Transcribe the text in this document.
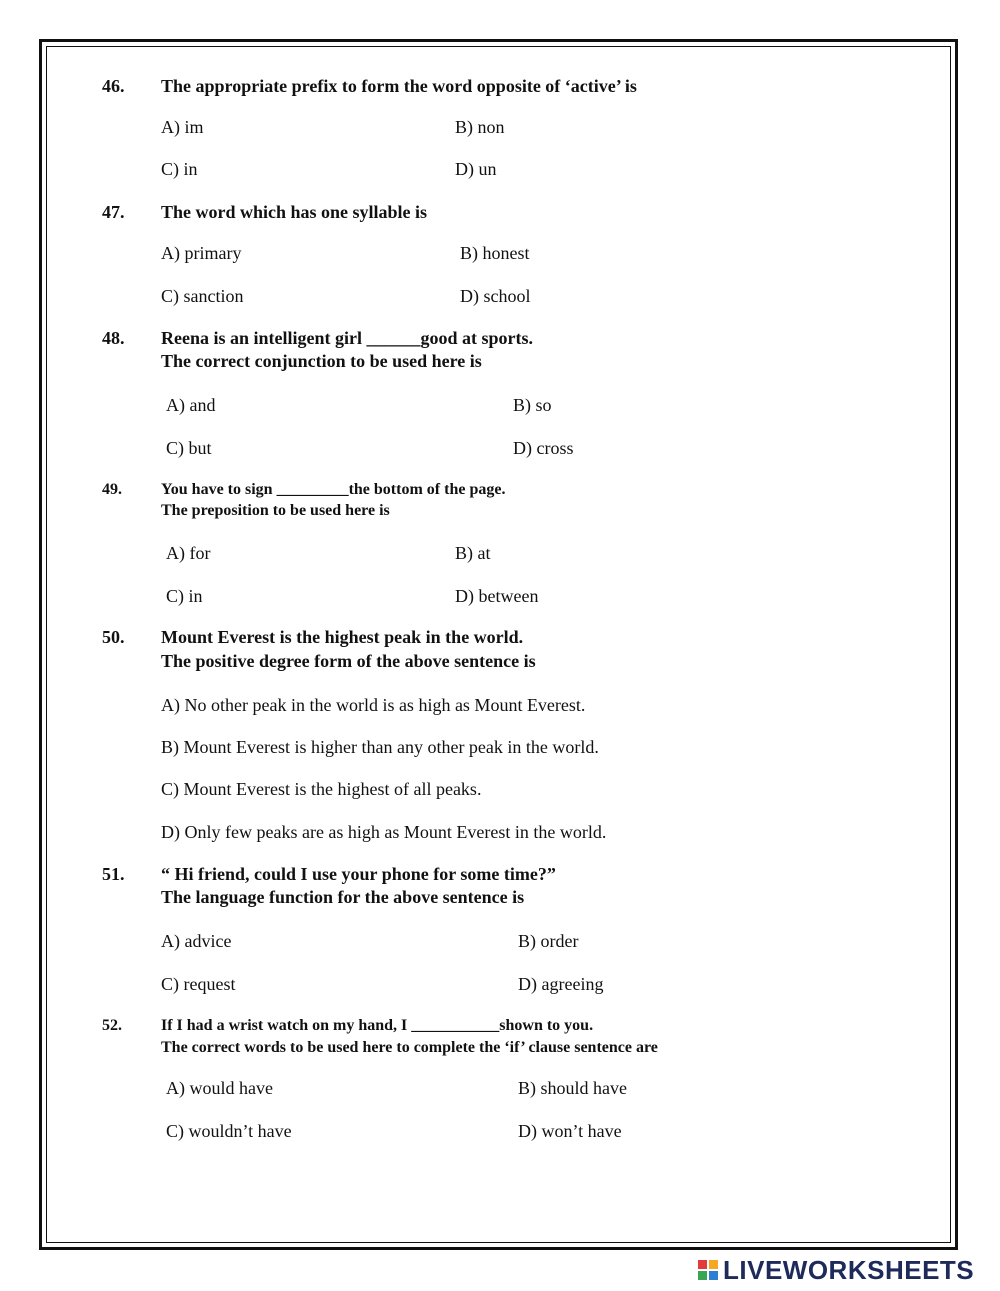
46. The appropriate prefix to form the word opposite of ‘active’ is
A) im	B) non
C) in	D) un
47. The word which has one syllable is
A) primary	B) honest
C) sanction	D) school
48. Reena is an intelligent girl ______good at sports.
The correct conjunction to be used here is
A) and	B) so
C) but	D) cross
49. You have to sign _________the bottom of the page.
The preposition to be used here is
A) for	B) at
C) in	D) between
50. Mount Everest is the highest peak in the world.
The positive degree form of the above sentence is
A) No other peak in the world is as high as Mount Everest.
B) Mount Everest is higher than any other peak in the world.
C) Mount Everest is the highest of all peaks.
D) Only few peaks are as high as Mount Everest in the world.
51. “ Hi friend, could I use your phone for some time?”
The language function for the above sentence is
A) advice	B) order
C) request	D) agreeing
52. If I had a wrist watch on my hand, I ___________shown to you.
The correct words to be used here to complete the ‘if’ clause sentence are
A) would have	B) should have
C) wouldn’t have	D) won’t have
LIVEWORKSHEETS
